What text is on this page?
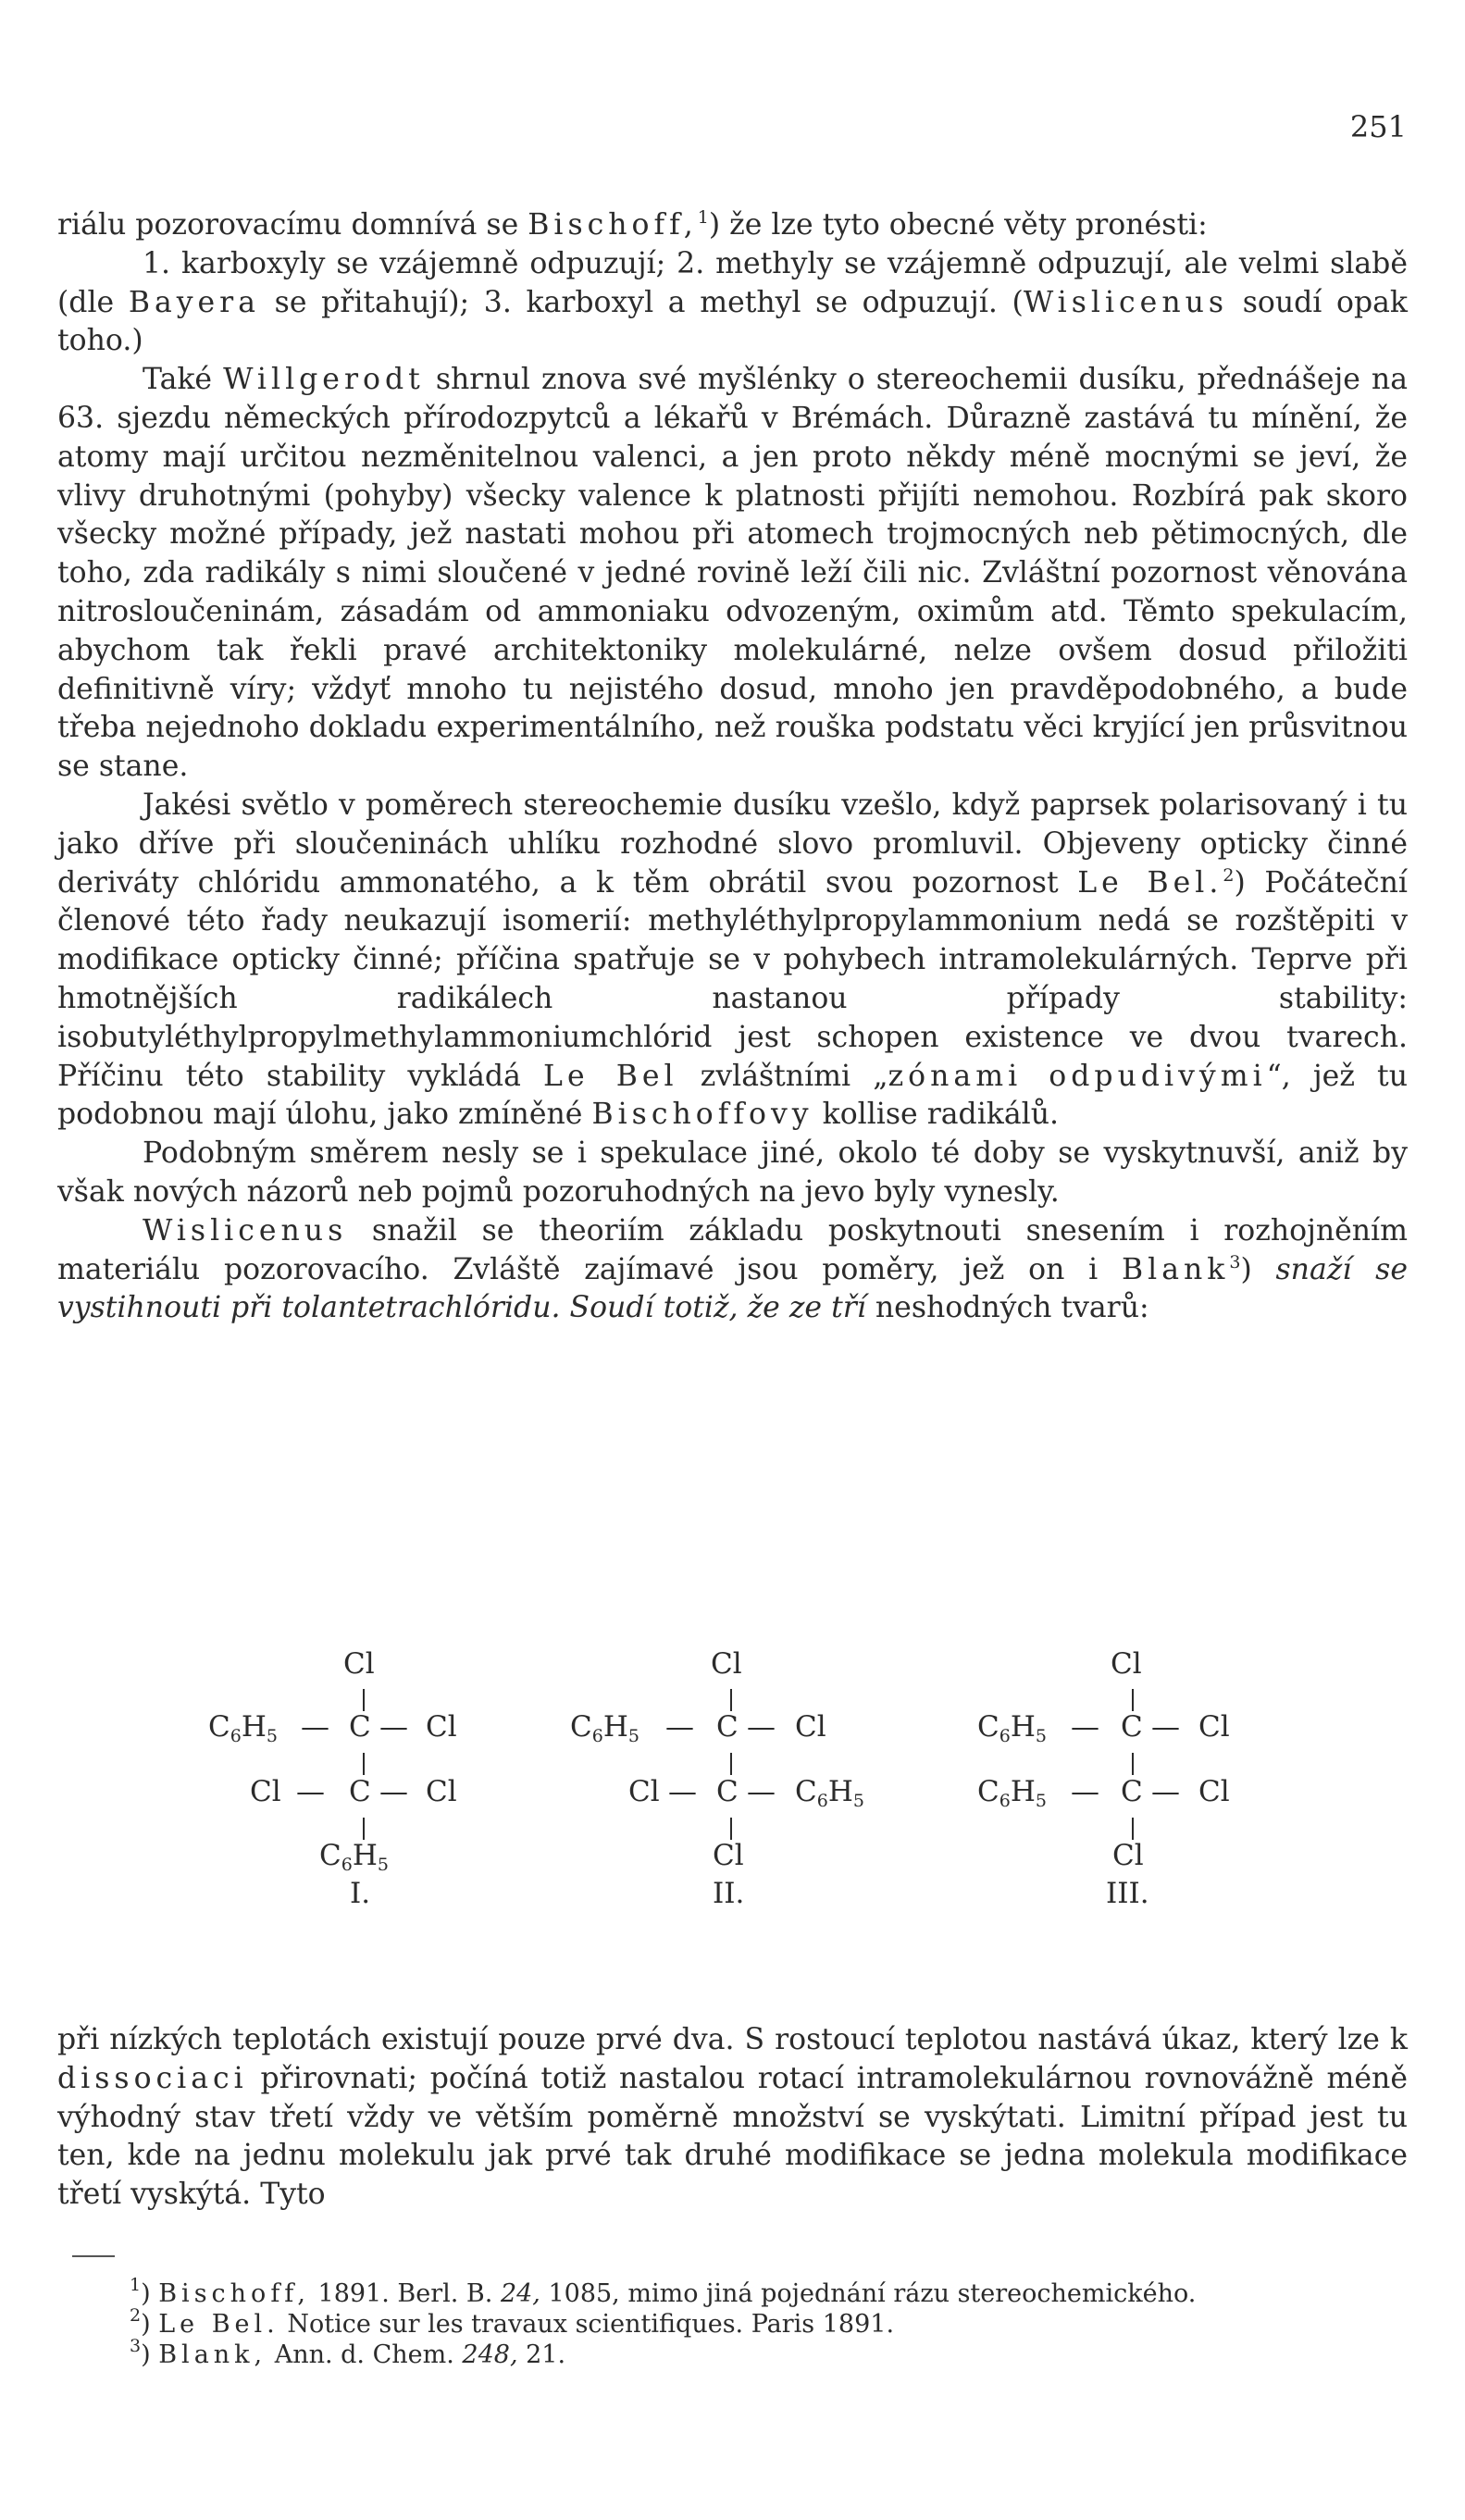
251

riálu pozorovacímu domnívá se Bischoff,$^1$) že lze tyto obecné věty pronésti:

1. karboxyly se vzájemně odpuzují; 2. methyly se vzájemně odpuzují, ale velmi slabě (dle Bayera se přitahují); 3. karboxyl a methyl se odpuzují. (Wislicenus soudí opak toho.)

Také Willgerodt shrnul znova své myšlénky o stereochemii dusíku, přednášeje na 63. sjezdu německých přírodozpytců a lékařů v Brémách. Důrazně zastává tu mínění, že atomy mají určitou nezměnitelnou valenci, a jen proto někdy méně mocnými se jeví, že vlivy druhotnými (pohyby) všecky valence k platnosti přijíti nemohou. Rozbírá pak skoro všecky možné případy, jež nastati mohou při atomech trojmocných neb pětimocných, dle toho, zda radikály s nimi sloučené v jedné rovině leží čili nic. Zvláštní pozornost věnována nitrosloučeninám, zásadám od ammoniaku odvozeným, oximům atd. Těmto spekulacím, abychom tak řekli pravé architektoniky molekulárné, nelze ovšem dosud přiložiti definitivně víry; vždyť mnoho tu nejistého dosud, mnoho jen pravděpodobného, a bude třeba nejednoho dokladu experimentálního, než rouška podstatu věci kryjící jen průsvitnou se stane.

Jakési světlo v poměrech stereochemie dusíku vzešlo, když paprsek polarisovaný i tu jako dříve při sloučeninách uhlíku rozhodné slovo promluvil. Objeveny opticky činné deriváty chlóridu ammonatého, a k těm obrátil svou pozornost Le Bel.$^2$) Počáteční členové této řady neukazují isomerií: methyléthylpropylammonium nedá se rozštěpiti v modifikace opticky činné; příčina spatřuje se v pohybech intramolekulárných. Teprve při hmotnějších radikálech nastanou případy stability: isobutyléthylpropylmethylammoniumchlórid jest schopen existence ve dvou tvarech. Příčinu této stability vykládá Le Bel zvláštními „zónami odpudivými“, jež tu podobnou mají úlohu, jako zmíněné Bischoffovy kollise radikálů.

Podobným směrem nesly se i spekulace jiné, okolo té doby se vyskytnuvší, aniž by však nových názorů neb pojmů pozoruhodných na jevo byly vynesly.

Wislicenus snažil se theoriím základu poskytnouti snesením i rozhojněním materiálu pozorovacího. Zvláště zajímavé jsou poměry, jež on i Blank$^3$) snaží se vystihnouti při tolantetrachlóridu. Soudí totiž, že ze tří neshodných tvarů:

Cl
$C_6H_5$ — C — Cl
Cl — C — Cl
$C_6H_5$
I.
Cl
$C_6H_5$ — C — Cl
Cl — C — $C_6H_5$
Cl
II.
Cl
$C_6H_5$ — C — Cl
$C_6H_5$ — C — Cl
Cl
III.

při nízkých teplotách existují pouze prvé dva. S rostoucí teplotou nastává úkaz, který lze k dissociaci přirovnati; počíná totiž nastalou rotací intramolekulárnou rovnovážně méně výhodný stav třetí vždy ve větším poměrně množství se vyskýtati. Limitní případ jest tu ten, kde na jednu molekulu jak prvé tak druhé modifikace se jedna molekula modifikace třetí vyskýtá. Tyto

$^1$) Bischoff, 1891. Berl. B. 24, 1085, mimo jiná pojednání rázu stereochemického.

$^2$) Le Bel. Notice sur les travaux scientifiques. Paris 1891.

$^3$) Blank, Ann. d. Chem. 248, 21.
